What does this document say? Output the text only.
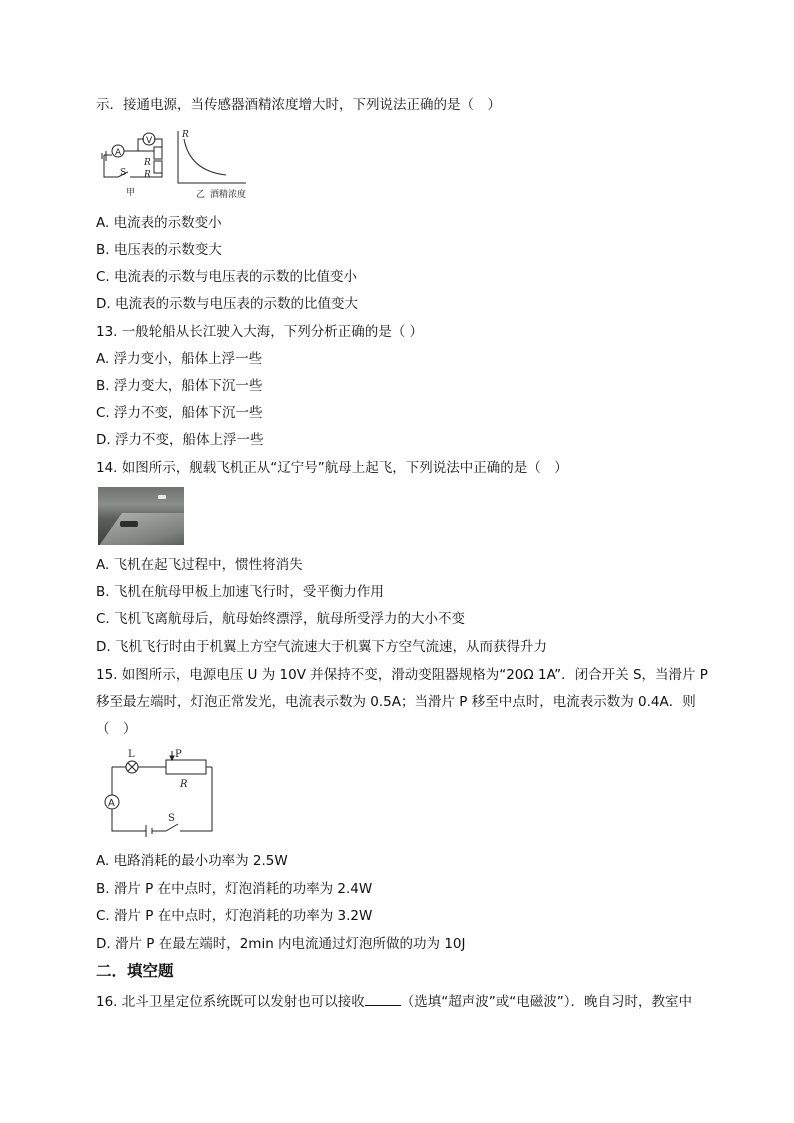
示．接通电源，当传感器酒精浓度增大时，下列说法正确的是（　）
A
V
S
R
R
甲
R
乙 酒精浓度
A. 电流表的示数变小
B. 电压表的示数变大
C. 电流表的示数与电压表的示数的比值变小
D. 电流表的示数与电压表的示数的比值变大
13. 一般轮船从长江驶入大海，下列分析正确的是（ ）
A. 浮力变小，船体上浮一些
B. 浮力变大，船体下沉一些
C. 浮力不变，船体下沉一些
D. 浮力不变，船体上浮一些
14. 如图所示，舰载飞机正从“辽宁号”航母上起飞，下列说法中正确的是（　）
A. 飞机在起飞过程中，惯性将消失
B. 飞机在航母甲板上加速飞行时，受平衡力作用
C. 飞机飞离航母后，航母始终漂浮，航母所受浮力的大小不变
D. 飞机飞行时由于机翼上方空气流速大于机翼下方空气流速，从而获得升力
15. 如图所示，电源电压 U 为 10V 并保持不变，滑动变阻器规格为“20Ω 1A”．闭合开关 S，当滑片 P
移至最左端时，灯泡正常发光，电流表示数为 0.5A；当滑片 P 移至中点时，电流表示数为 0.4A．则
（　）
L	P
R
A
S
A. 电路消耗的最小功率为 2.5W
B. 滑片 P 在中点时，灯泡消耗的功率为 2.4W
C. 滑片 P 在中点时，灯泡消耗的功率为 3.2W
D. 滑片 P 在最左端时，2min 内电流通过灯泡所做的功为 10J
二．填空题
16. 北斗卫星定位系统既可以发射也可以接收	（选填“超声波”或“电磁波”）．晚自习时，教室中
